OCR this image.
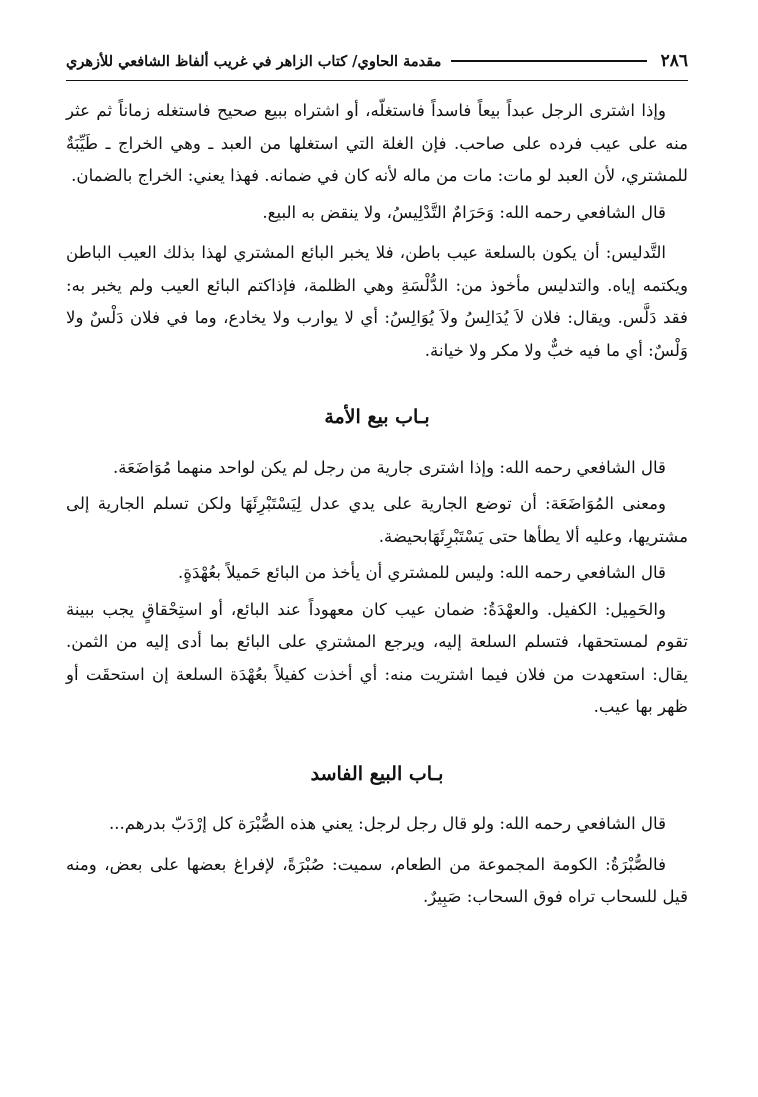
٢٨٦
مقدمة الحاوي/ كتاب الزاهر في غريب ألفاظ الشافعي للأزهري

وإذا اشترى الرجل عبداً بيعاً فاسداً فاستغلّه، أو اشتراه ببيع صحيح فاستغله زماناً ثم عثر منه على عيب فرده على صاحب. فإن الغلة التي استغلها من العبد ـ وهي الخراج ـ طَيِّبَةٌ للمشتري، لأن العبد لو مات: مات من ماله لأنه كان في ضمانه. فهذا يعني: الخراج بالضمان.

قال الشافعي رحمه الله: وَحَرَامٌ التَّدْلِيسُ، ولا ينقض به البيع.

التَّدليس: أن يكون بالسلعة عيب باطن، فلا يخبر البائع المشتري لهذا بذلك العيب الباطن ويكتمه إياه. والتدليس مأخوذ من: الدُّلْسَةِ وهي الظلمة، فإذاكتم البائع العيب ولم يخبر به: فقد دَلَّس. ويقال: فلان لاَ يُدَالِسُ ولاَ يُوَالِسُ: أي لا يوارب ولا يخادع، وما في فلان دَلْسٌ ولا وَلْسٌ: أي ما فيه خبٌّ ولا مكر ولا خيانة.

بـاب بيع الأمة

قال الشافعي رحمه الله: وإذا اشترى جارية من رجل لم يكن لواحد منهما مُوَاضَعَة.

ومعنى المُوَاضَعَة: أن توضع الجارية على يدي عدل لِيَسْتَبْرِئَهَا ولكن تسلم الجارية إلى مشتريها، وعليه ألا يطأها حتى يَسْتَبْرِئَهَابحيضة.

قال الشافعي رحمه الله: وليس للمشتري أن يأخذ من البائع حَميلاً بعُهْدَةٍ.

والحَمِيل: الكفيل. والعهْدَةُ: ضمان عيب كان معهوداً عند البائع، أو استِحْقاقٍ يجب ببينة تقوم لمستحقها، فتسلم السلعة إليه، ويرجع المشتري على البائع بما أدى إليه من الثمن. يقال: استعهدت من فلان فيما اشتريت منه: أي أخذت كفيلاً بعُهْدَة السلعة إن استحقَت أو ظهر بها عيب.

بـاب البيع الفاسد

قال الشافعي رحمه الله: ولو قال رجل لرجل: يعني هذه الصُّبْرَة كل إرْدَبّ بدرهم...

فالصُّبْرَةُ: الكومة المجموعة من الطعام، سميت: صُبْرَةً، لإفراغ بعضها على بعض، ومنه قيل للسحاب تراه فوق السحاب: صَبِيرٌ.
